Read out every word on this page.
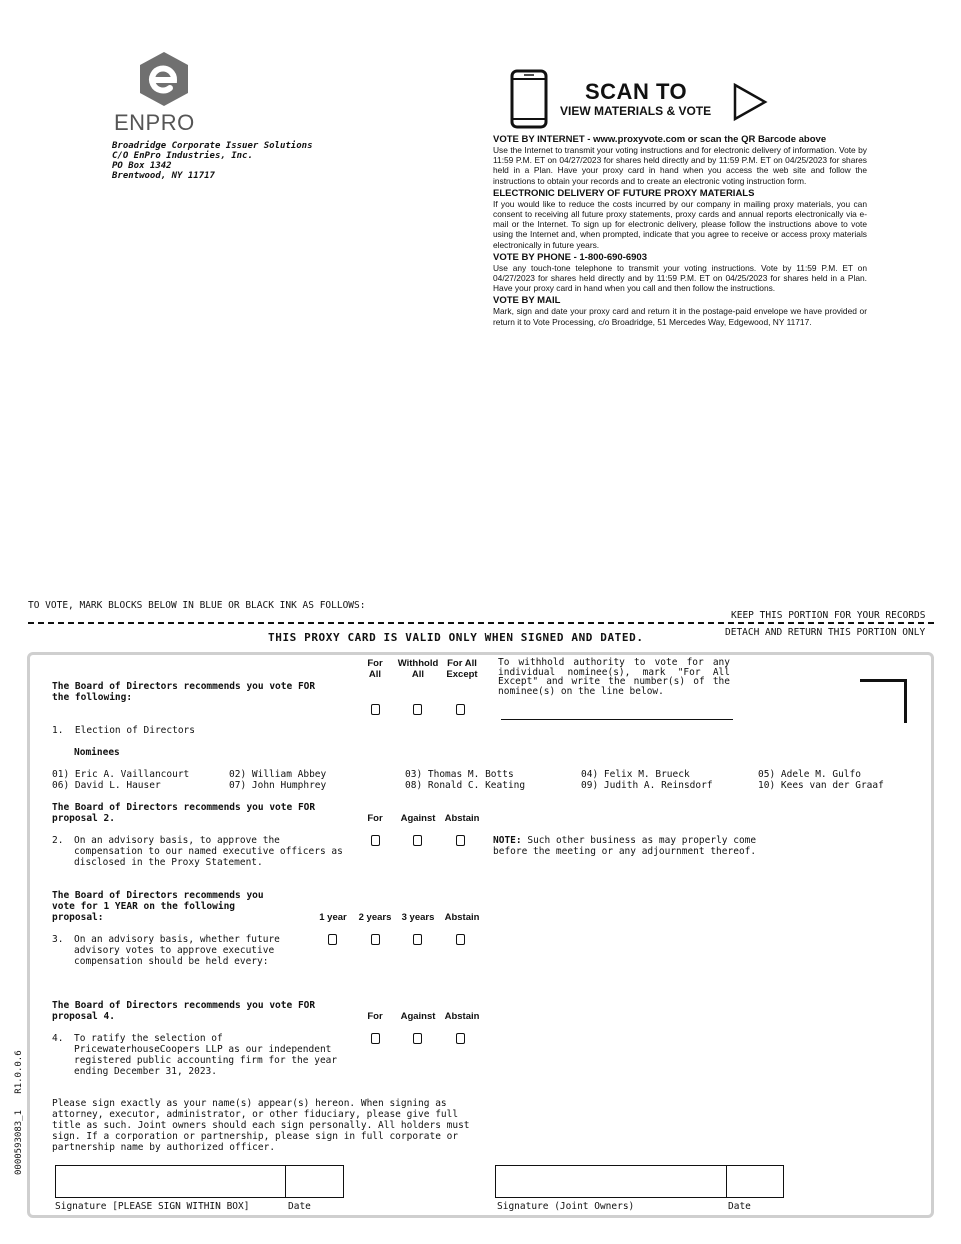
ENPRO
Broadridge Corporate Issuer Solutions
C/O EnPro Industries, Inc.
PO Box 1342
Brentwood, NY 11717
SCAN TO
VIEW MATERIALS & VOTE

VOTE BY INTERNET - www.proxyvote.com or scan the QR Barcode above

Use the Internet to transmit your voting instructions and for electronic delivery of information. Vote by 11:59 P.M. ET on 04/27/2023 for shares held directly and by 11:59 P.M. ET on 04/25/2023 for shares held in a Plan. Have your proxy card in hand when you access the web site and follow the instructions to obtain your records and to create an electronic voting instruction form.

ELECTRONIC DELIVERY OF FUTURE PROXY MATERIALS

If you would like to reduce the costs incurred by our company in mailing proxy materials, you can consent to receiving all future proxy statements, proxy cards and annual reports electronically via e-mail or the Internet. To sign up for electronic delivery, please follow the instructions above to vote using the Internet and, when prompted, indicate that you agree to receive or access proxy materials electronically in future years.

VOTE BY PHONE - 1-800-690-6903

Use any touch-tone telephone to transmit your voting instructions. Vote by 11:59 P.M. ET on 04/27/2023 for shares held directly and by 11:59 P.M. ET on 04/25/2023 for shares held in a Plan. Have your proxy card in hand when you call and then follow the instructions.

VOTE BY MAIL

Mark, sign and date your proxy card and return it in the postage-paid envelope we have provided or return it to Vote Processing, c/o Broadridge, 51 Mercedes Way, Edgewood, NY 11717.

TO VOTE, MARK BLOCKS BELOW IN BLUE OR BLACK INK AS FOLLOWS:
KEEP THIS PORTION FOR YOUR RECORDS
DETACH AND RETURN THIS PORTION ONLY
THIS PROXY CARD IS VALID ONLY WHEN SIGNED AND DATED.
0000593083_1   R1.0.0.6
For All
Withhold All
For All Except
To withhold authority to vote for any individual nominee(s), mark "For All Except" and write the number(s) of the nominee(s) on the line below.
The Board of Directors recommends you vote FOR the following:
1.  Election of Directors
Nominees
01) Eric A. Vaillancourt	02) William Abbey	03) Thomas M. Botts	04) Felix M. Brueck	05) Adele M. Gulfo
06) David L. Hauser	07) John Humphrey	08) Ronald C. Keating	09) Judith A. Reinsdorf	10) Kees van der Graaf
The Board of Directors recommends you vote FOR proposal 2.	For	Against Abstain
2. On an advisory basis, to approve the compensation to our named executive officers as disclosed in the Proxy Statement.
NOTE: Such other business as may properly come before the meeting or any adjournment thereof.
The Board of Directors recommends you vote for 1 YEAR on the following proposal:	1 year	2 years	3 years	Abstain
3. On an advisory basis, whether future advisory votes to approve executive compensation should be held every:
The Board of Directors recommends you vote FOR proposal 4.	For	Against Abstain
4. To ratify the selection of PricewaterhouseCoopers LLP as our independent registered public accounting firm for the year ending December 31, 2023.
Please sign exactly as your name(s) appear(s) hereon. When signing as attorney, executor, administrator, or other fiduciary, please give full title as such. Joint owners should each sign personally. All holders must sign. If a corporation or partnership, please sign in full corporate or partnership name by authorized officer.
Signature [PLEASE SIGN WITHIN BOX]	Date	Signature (Joint Owners)	Date
